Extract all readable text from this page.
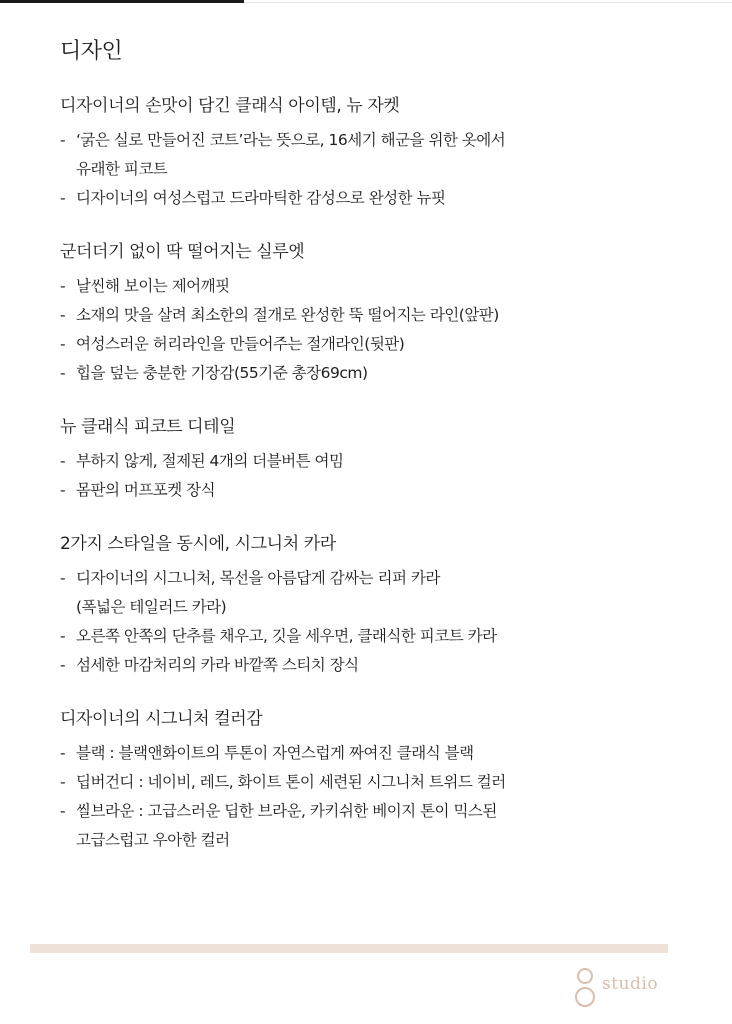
디자인
디자이너의 손맛이 담긴 클래식 아이템, 뉴 자켓
- ‘굵은 실로 만들어진 코트’라는 뜻으로, 16세기 해군을 위한 옷에서
유래한 피코트
- 디자이너의 여성스럽고 드라마틱한 감성으로 완성한 뉴핏
군더더기 없이 딱 떨어지는 실루엣
- 날씬해 보이는 제어깨핏
- 소재의 맛을 살려 최소한의 절개로 완성한 뚝 떨어지는 라인(앞판)
- 여성스러운 허리라인을 만들어주는 절개라인(뒷판)
- 힙을 덮는 충분한 기장감(55기준 총장69cm)
뉴 클래식 피코트 디테일
- 부하지 않게, 절제된 4개의 더블버튼 여밈
- 몸판의 머프포켓 장식
2가지 스타일을 동시에, 시그니처 카라
- 디자이너의 시그니처, 목선을 아름답게 감싸는 리퍼 카라
(폭넓은 테일러드 카라)
- 오른쪽 안쪽의 단추를 채우고, 깃을 세우면, 클래식한 피코트 카라
- 섬세한 마감처리의 카라 바깥쪽 스티치 장식
디자이너의 시그니처 컬러감
- 블랙 : 블랙앤화이트의 투톤이 자연스럽게 짜여진 클래식 블랙
- 딥버건디 : 네이비, 레드, 화이트 톤이 세련된 시그니처 트위드 컬러
- 씰브라운 : 고급스러운 딥한 브라운, 카키쉬한 베이지 톤이 믹스된
고급스럽고 우아한 컬러
studio
